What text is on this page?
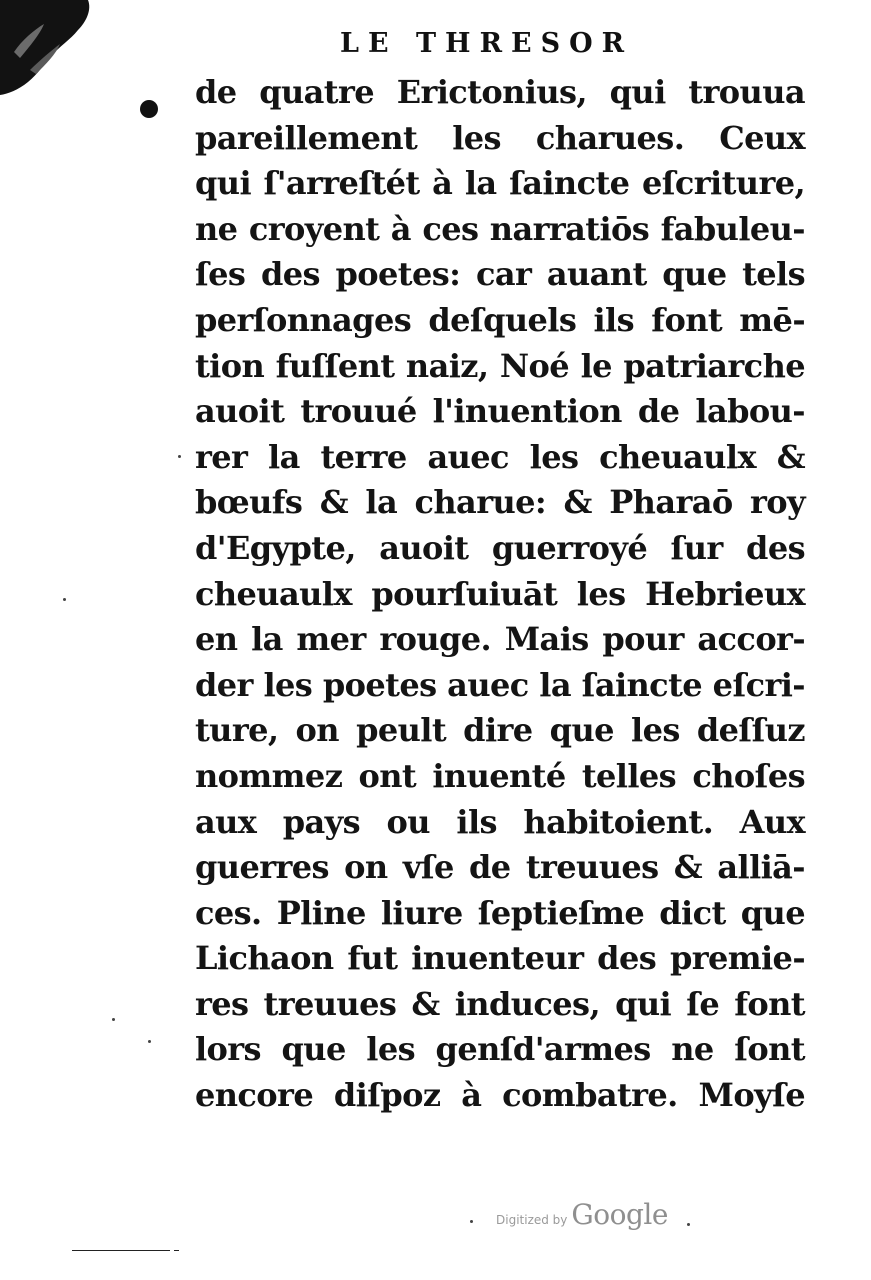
LE THRESOR
de quatre Erictonius, qui trouua
pareillement les charues. Ceux
qui ſ'arreſtét à la ſaincte eſcriture,
ne croyent à ces narratiōs fabuleu-
ſes des poetes: car auant que tels
perſonnages deſquels ils font mē-
tion fuſſent naiz, Noé le patriarche
auoit trouué l'inuention de labou-
rer la terre auec les cheuaulx &
bœufs & la charue: & Pharaō roy
d'Egypte, auoit guerroyé ſur des
cheuaulx pourſuiuāt les Hebrieux
en la mer rouge. Mais pour accor-
der les poetes auec la ſaincte eſcri-
ture, on peult dire que les deſſuz
nommez ont inuenté telles choſes
aux pays ou ils habitoient. Aux
guerres on vſe de treuues & alliā-
ces. Pline liure ſeptieſme dict que
Lichaon fut inuenteur des premie-
res treuues & induces, qui ſe font
lors que les genſd'armes ne ſont
encore diſpoz à combatre. Moyſe
Digitized by Google
